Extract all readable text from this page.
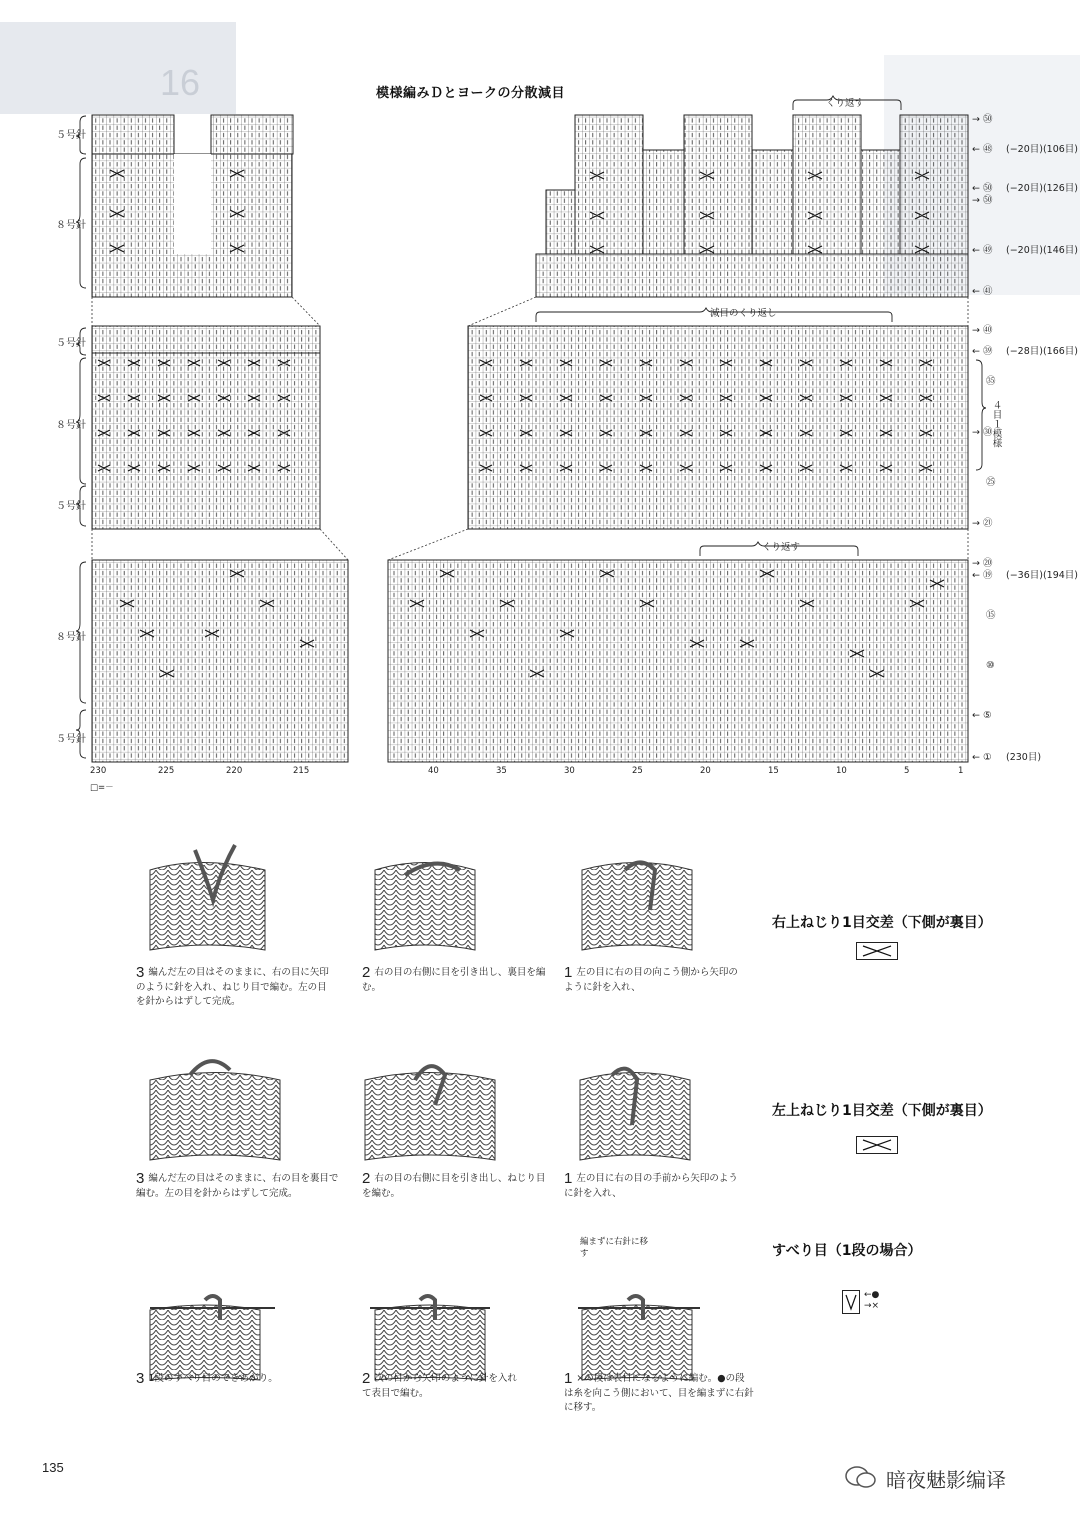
16	模様編みＤとヨークの分散減目
５号針
８号針
５号針
８号針
５号針
８号針
５号針
くり返す
減目のくり返し
くり返す
→ ㊿
← ㊽ (−20目)(106目)
← ㊿ (−20目)(126目)
→ ㊿
← ㊾ (−20目)(146目)
← ㊶
→ ㊵
← ㊴ (−28目)(166目)
㉟
→ ㉚
㉕
→ ㉑
→ ⑳
← ⑲ (−36目)(194目)
⑮
⑩
← ⑤
← ① (230目)
４目１模様
230	225	220	215	40	35	30	25	20	15	10	5	1
□=－
右上ねじり1目交差（下側が裏目）
左上ねじり1目交差（下側が裏目）
すべり目（1段の場合）
←●
→×
3 編んだ左の目はそのままに、右の目に矢印のように針を入れ、ねじり目で編む。左の目を針からはずして完成。
2 右の目の右側に目を引き出し、裏目を編む。
1 左の目に右の目の向こう側から矢印のように針を入れ、
3 編んだ左の目はそのままに、右の目を裏目で編む。左の目を針からはずして完成。
2 右の目の右側に目を引き出し、ねじり目を編む。
1 左の目に右の目の手前から矢印のように針を入れ、
編まずに右針に移す
3 1段のすべり目のできあがり。	2 次の目から矢印のように針を入れて表目で編む。
1 ×の段は表目になるように編む。●の段は糸を向こう側において、目を編まずに右針に移す。
135
暗夜魅影编译
